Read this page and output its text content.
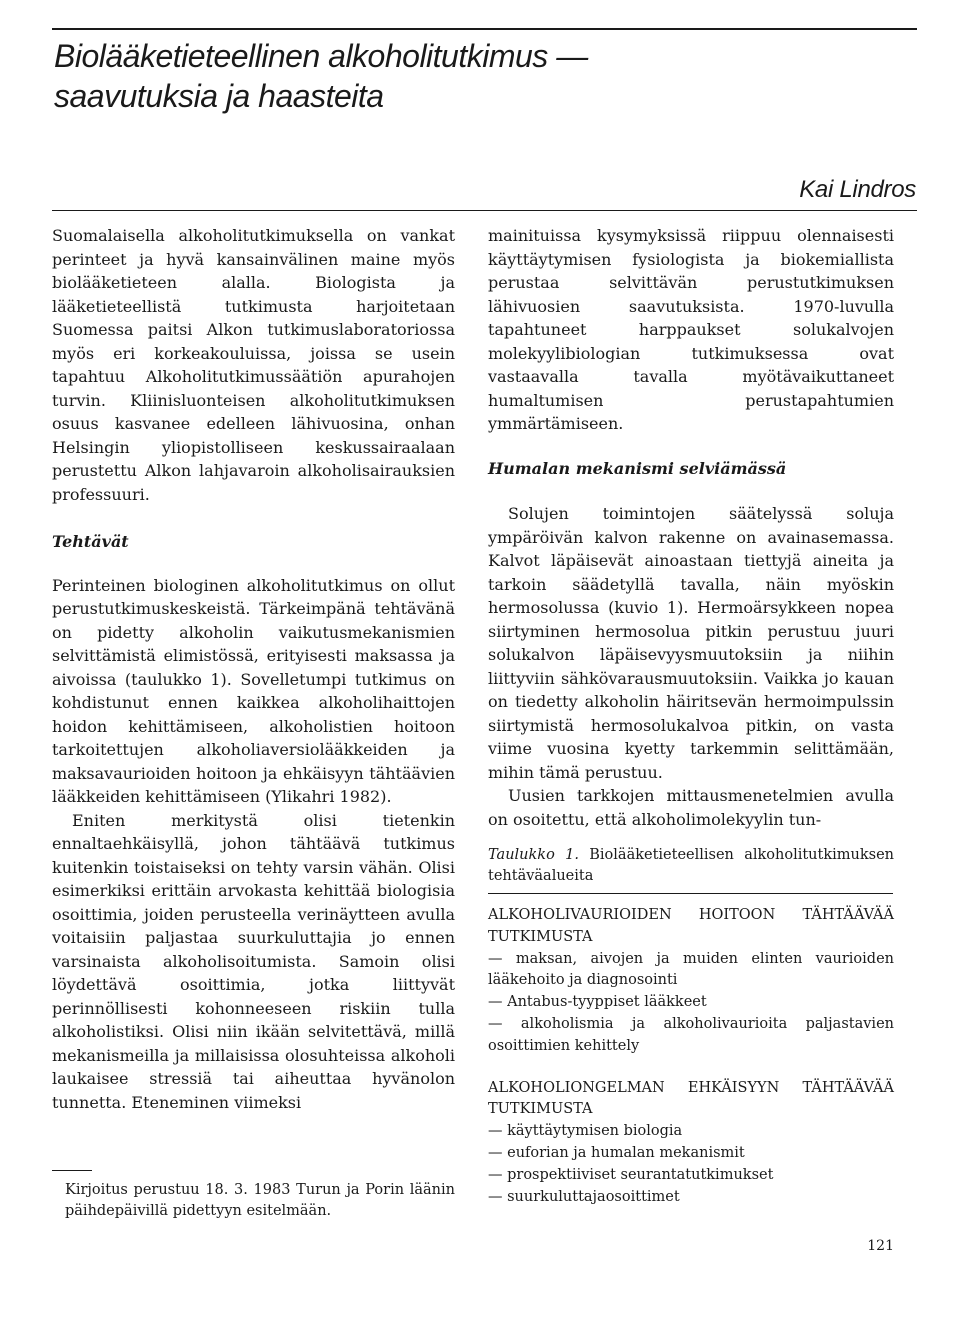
Biolääketieteellinen alkoholitutkimus —
saavutuksia ja haasteita
Kai Lindros

Suomalaisella alkoholitutkimuksella on vankat perinteet ja hyvä kansainvälinen maine myös biolääketieteen alalla. Biologista ja lääketieteellistä tutkimusta harjoitetaan Suomessa paitsi Alkon tutkimuslaboratoriossa myös eri korkeakouluissa, joissa se usein tapahtuu Alkoholitutkimussäätiön apurahojen turvin. Kliinisluonteisen alkoholitutkimuksen osuus kasvanee edelleen lähivuosina, onhan Helsingin yliopistolliseen keskussairaalaan perustettu Alkon lahjavaroin alkoholisairauksien professuuri.

Tehtävät

Perinteinen biologinen alkoholitutkimus on ollut perustutkimuskeskeistä. Tärkeimpänä tehtävänä on pidetty alkoholin vaikutusmekanismien selvittämistä elimistössä, erityisesti maksassa ja aivoissa (taulukko 1). Sovelletumpi tutkimus on kohdistunut ennen kaikkea alkoholihaittojen hoidon kehittämiseen, alkoholistien hoitoon tarkoitettujen alkoholiaversiolääkkeiden ja maksavaurioiden hoitoon ja ehkäisyyn tähtäävien lääkkeiden kehittämiseen (Ylikahri 1982).

Eniten merkitystä olisi tietenkin ennaltaehkäisyllä, johon tähtäävä tutkimus kuitenkin toistaiseksi on tehty varsin vähän. Olisi esimerkiksi erittäin arvokasta kehittää biologisia osoittimia, joiden perusteella verinäytteen avulla voitaisiin paljastaa suurkuluttajia jo ennen varsinaista alkoholisoitumista. Samoin olisi löydettävä osoittimia, jotka liittyvät perinnöllisesti kohonneeseen riskiin tulla alkoholistiksi. Olisi niin ikään selvitettävä, millä mekanismeilla ja millaisissa olosuhteissa alkoholi laukaisee stressiä tai aiheuttaa hyvänolon tunnetta. Eteneminen viimeksi

Kirjoitus perustuu 18. 3. 1983 Turun ja Porin läänin päihdepäivillä pidettyyn esitelmään.

mainituissa kysymyksissä riippuu olennaisesti käyttäytymisen fysiologista ja biokemiallista perustaa selvittävän perustutkimuksen lähivuosien saavutuksista. 1970-luvulla tapahtuneet harppaukset solukalvojen molekyylibiologian tutkimuksessa ovat vastaavalla tavalla myötävaikuttaneet humaltumisen perustapahtumien ymmärtämiseen.

Humalan mekanismi selviämässä

Solujen toimintojen säätelyssä soluja ympäröivän kalvon rakenne on avainasemassa. Kalvot läpäisevät ainoastaan tiettyjä aineita ja tarkoin säädetyllä tavalla, näin myöskin hermosolussa (kuvio 1). Hermoärsykkeen nopea siirtyminen hermosolua pitkin perustuu juuri solukalvon läpäisevyysmuutoksiin ja niihin liittyviin sähkövarausmuutoksiin. Vaikka jo kauan on tiedetty alkoholin häiritsevän hermoimpulssin siirtymistä hermosolukalvoa pitkin, on vasta viime vuosina kyetty tarkemmin selittämään, mihin tämä perustuu.

Uusien tarkkojen mittausmenetelmien avulla on osoitettu, että alkoholimolekyylin tun-

Taulukko 1. Biolääketieteellisen alkoholitutkimuksen tehtäväalueita

ALKOHOLIVAURIOIDEN HOITOON TÄHTÄÄVÄÄ TUTKIMUSTA

— maksan, aivojen ja muiden elinten vaurioiden lääkehoito ja diagnosointi
— Antabus-tyyppiset lääkkeet
— alkoholismia ja alkoholivaurioita paljastavien osoittimien kehittely

ALKOHOLIONGELMAN EHKÄISYYN TÄHTÄÄVÄÄ TUTKIMUSTA

— käyttäytymisen biologia
— euforian ja humalan mekanismit
— prospektiiviset seurantatutkimukset
— suurkuluttajaosoittimet
121
